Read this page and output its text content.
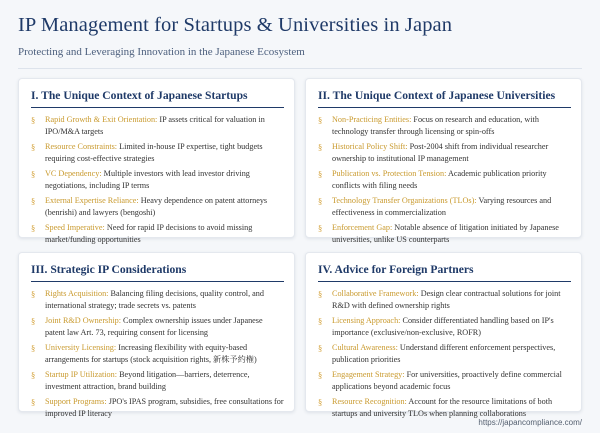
IP Management for Startups & Universities in Japan
Protecting and Leveraging Innovation in the Japanese Ecosystem
I. The Unique Context of Japanese Startups
§ Rapid Growth & Exit Orientation: IP assets critical for valuation in IPO/M&A targets
§ Resource Constraints: Limited in-house IP expertise, tight budgets requiring cost-effective strategies
§ VC Dependency: Multiple investors with lead investor driving negotiations, including IP terms
§ External Expertise Reliance: Heavy dependence on patent attorneys (benrishi) and lawyers (bengoshi)
§ Speed Imperative: Need for rapid IP decisions to avoid missing market/funding opportunities
II. The Unique Context of Japanese Universities
§ Non-Practicing Entities: Focus on research and education, with technology transfer through licensing or spin-offs
§ Historical Policy Shift: Post-2004 shift from individual researcher ownership to institutional IP management
§ Publication vs. Protection Tension: Academic publication priority conflicts with filing needs
§ Technology Transfer Organizations (TLOs): Varying resources and effectiveness in commercialization
§ Enforcement Gap: Notable absence of litigation initiated by Japanese universities, unlike US counterparts
III. Strategic IP Considerations
§ Rights Acquisition: Balancing filing decisions, quality control, and international strategy; trade secrets vs. patents
§ Joint R&D Ownership: Complex ownership issues under Japanese patent law Art. 73, requiring consent for licensing
§ University Licensing: Increasing flexibility with equity-based arrangements for startups (stock acquisition rights, 新株予約権)
§ Startup IP Utilization: Beyond litigation—barriers, deterrence, investment attraction, brand building
§ Support Programs: JPO's IPAS program, subsidies, free consultations for improved IP literacy
IV. Advice for Foreign Partners
§ Collaborative Framework: Design clear contractual solutions for joint R&D with defined ownership rights
§ Licensing Approach: Consider differentiated handling based on IP's importance (exclusive/non-exclusive, ROFR)
§ Cultural Awareness: Understand different enforcement perspectives, publication priorities
§ Engagement Strategy: For universities, proactively define commercial applications beyond academic focus
§ Resource Recognition: Account for the resource limitations of both startups and university TLOs when planning collaborations
https://japancompliance.com/
